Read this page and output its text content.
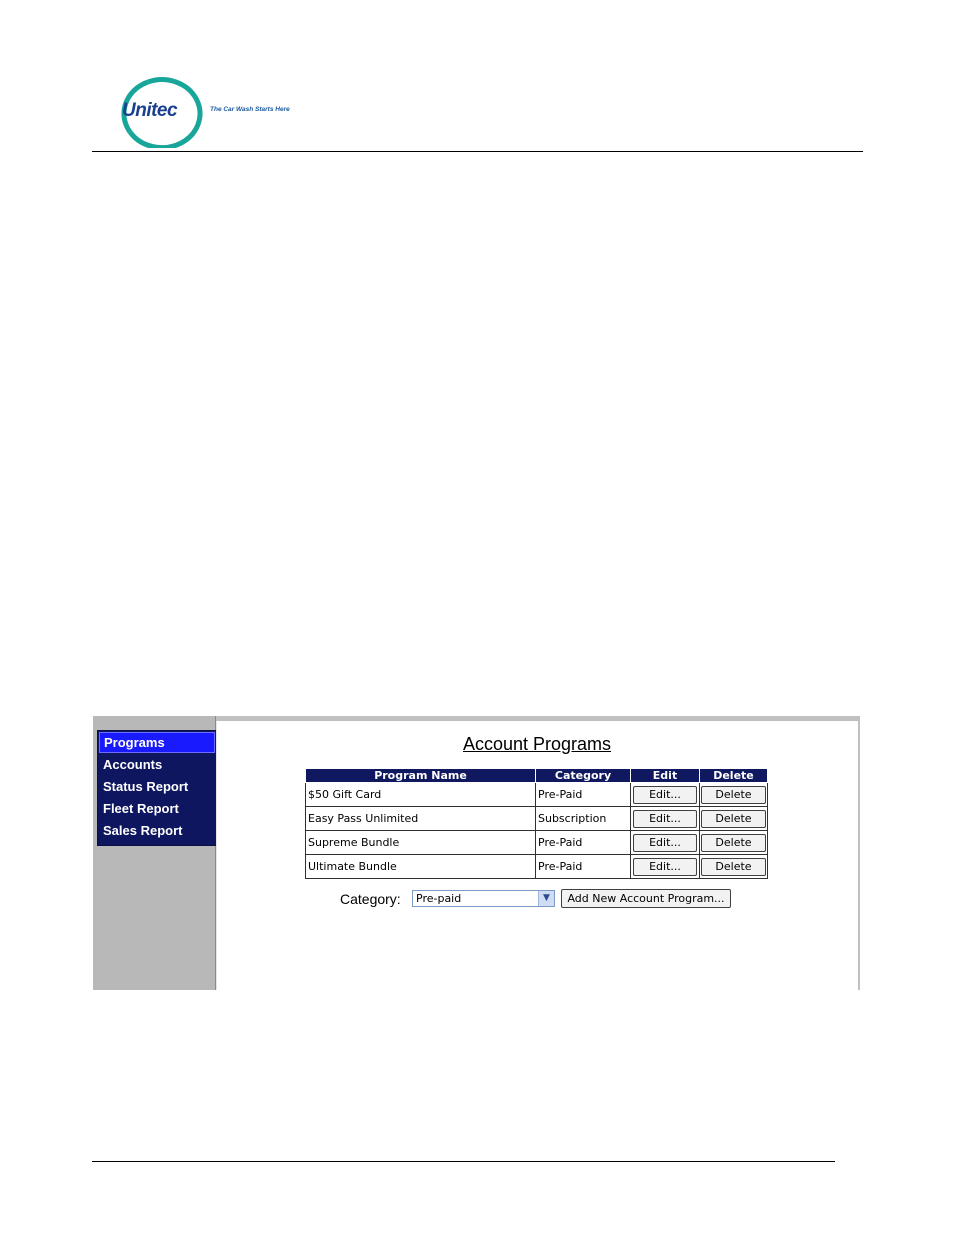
Unitec	The Car Wash Starts Here
Programs
Accounts
Status Report
Fleet Report
Sales Report
Account Programs
Program Name	Category	Edit	Delete
$50 Gift Card	Pre-Paid	Edit...	Delete
Easy Pass Unlimited	Subscription	Edit...	Delete
Supreme Bundle	Pre-Paid	Edit...	Delete
Ultimate Bundle	Pre-Paid	Edit...	Delete
Category:	Pre-paid	▼	Add New Account Program...
